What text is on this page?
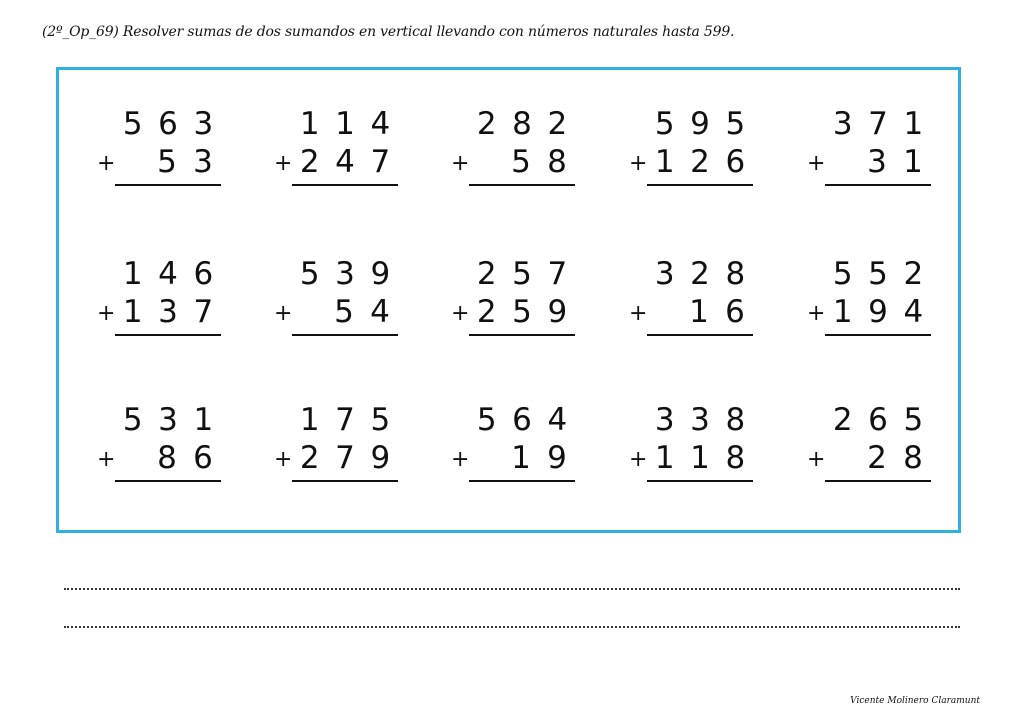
(2º_Op_69) Resolver sumas de dos sumandos en vertical llevando con números naturales hasta 599.
5 6 3
+ 5 3
1 1 4
+ 2 4 7
2 8 2
+ 5 8
5 9 5
+ 1 2 6
3 7 1
+ 3 1
1 4 6
+ 1 3 7
5 3 9
+ 5 4
2 5 7
+ 2 5 9
3 2 8
+ 1 6
5 5 2
+ 1 9 4
5 3 1
+ 8 6
1 7 5
+ 2 7 9
5 6 4
+ 1 9
3 3 8
+ 1 1 8
2 6 5
+ 2 8
Vicente Molinero Claramunt
